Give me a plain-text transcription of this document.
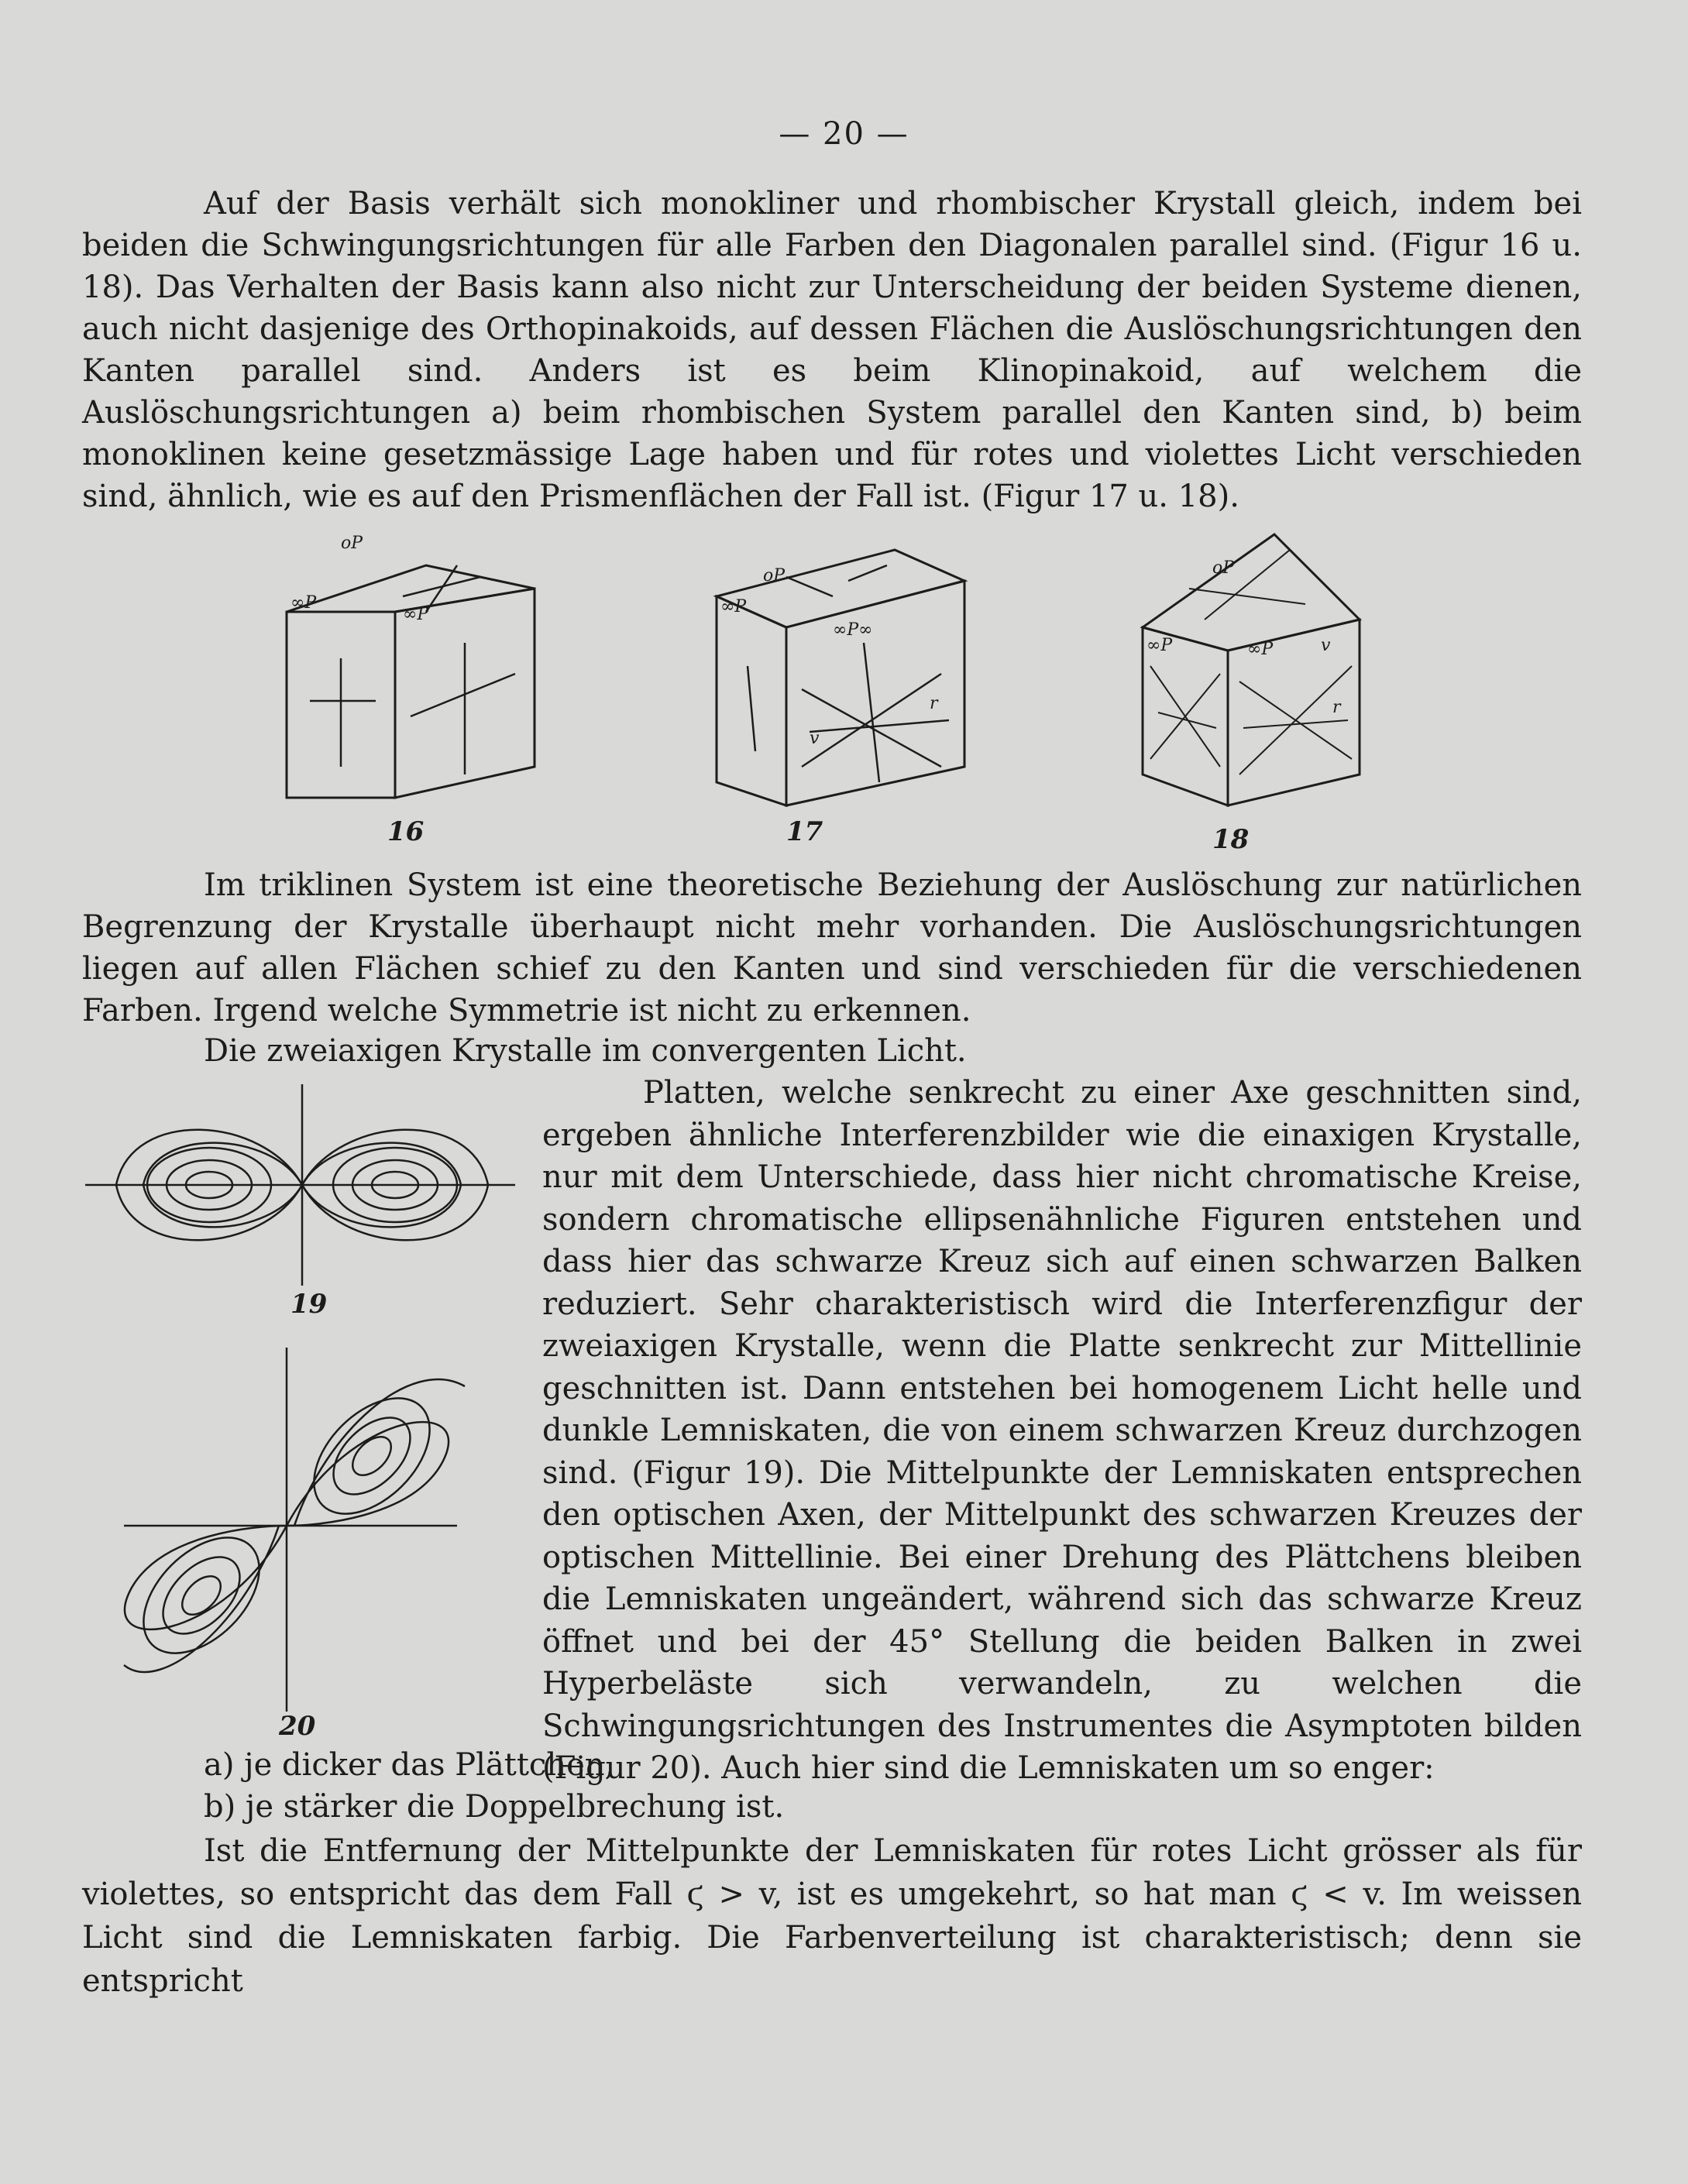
— 20 —
Auf der Basis verhält sich monokliner und rhombischer Krystall gleich, indem bei beiden die Schwingungsrichtungen für alle Farben den Diagonalen parallel sind. (Figur 16 u. 18). Das Verhalten der Basis kann also nicht zur Unterscheidung der beiden Systeme dienen, auch nicht dasjenige des Orthopinakoids, auf dessen Flächen die Auslöschungsrichtungen den Kanten parallel sind. Anders ist es beim Klinopinakoid, auf welchem die Auslöschungsrichtungen a) beim rhombischen System parallel den Kanten sind, b) beim monoklinen keine gesetzmässige Lage haben und für rotes und violettes Licht verschieden sind, ähnlich, wie es auf den Prismenflächen der Fall ist. (Figur 17 u. 18).
oP
∞P
∞P
16
oP
∞P
∞P∞
v
r
17
oP
∞P	∞P	v
r
18
Im triklinen System ist eine theoretische Beziehung der Auslöschung zur natürlichen Begrenzung der Krystalle überhaupt nicht mehr vorhanden. Die Auslöschungsrichtungen liegen auf allen Flächen schief zu den Kanten und sind verschieden für die verschiedenen Farben. Irgend welche Symmetrie ist nicht zu erkennen.
Die zweiaxigen Krystalle im convergenten Licht.
19
20
Platten, welche senkrecht zu einer Axe geschnitten sind, ergeben ähnliche Interferenzbilder wie die einaxigen Krystalle, nur mit dem Unterschiede, dass hier nicht chromatische Kreise, sondern chromatische ellipsenähnliche Figuren entstehen und dass hier das schwarze Kreuz sich auf einen schwarzen Balken reduziert. Sehr charakteristisch wird die Interferenzfigur der zweiaxigen Krystalle, wenn die Platte senkrecht zur Mittellinie geschnitten ist. Dann entstehen bei homogenem Licht helle und dunkle Lemniskaten, die von einem schwarzen Kreuz durchzogen sind. (Figur 19). Die Mittelpunkte der Lemniskaten entsprechen den optischen Axen, der Mittelpunkt des schwarzen Kreuzes der optischen Mittellinie. Bei einer Drehung des Plättchens bleiben die Lemniskaten ungeändert, während sich das schwarze Kreuz öffnet und bei der 45° Stellung die beiden Balken in zwei Hyperbeläste sich verwandeln, zu welchen die Schwingungsrichtungen des Instrumentes die Asymptoten bilden (Figur 20). Auch hier sind die Lemniskaten um so enger:
a) je dicker das Plättchen,
b) je stärker die Doppelbrechung ist.
Ist die Entfernung der Mittelpunkte der Lemniskaten für rotes Licht grösser als für violettes, so entspricht das dem Fall ϛ > v, ist es umgekehrt, so hat man ϛ < v. Im weissen Licht sind die Lemniskaten farbig. Die Farbenverteilung ist charakteristisch; denn sie entspricht
